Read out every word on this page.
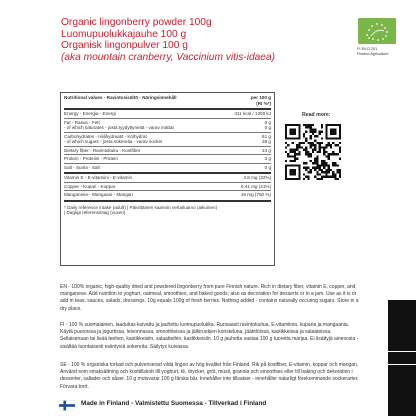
Organic lingonberry powder 100g
Luomupuolukkajauhe 100 g
Organisk lingonpulver 100 g
(aka mountain cranberry, Vaccinium vitis-idaea)
FI-EKO-201
Finland Agriculture
Nutritional values - Ravintosisältö - Näringsinnehåll	per 100 g
(RI %*)
Energy - Energia - Energi	311 kcal / 1300 kJ
Fat - Rasva - Fett	0 g
- of which saturates - josta tyydyttyneitä - varav mättat	0 g
Carbohydrates - Hiilihydraatit - Kolhydrat	61 g
- of which sugars - josta sokereita - varav socker	38 g
Dietary fiber - Ravintokuitu - Kostfiber	24 g
Protein - Proteiini - Protein	3 g
Salt - Suola - Salt	0 g
Vitamin E - E-vitamiini - E-vitamin	3.8 mg (32%)
Copper - Kupari - Koppar	0.41 mg (41%)
Manganese - Mangaani - Mangan	15 mg (750 %)
* Daily reference intake (adult) | Päivittäinen saannin vertailuarvo (aikuinen)
| Dagligt referensintag (vuxen)
Read more:
EN - 100% organic, high-quality dried and powdered lingonberry from pure Finnish nature. Rich in dietary fiber, vitamin E, copper, and manganese. Add nutrition to yoghurt, oatmeal, smoothies, and baked goods; also as decoration for desserts or in a jam. Use as it is or add in teas, sauces, salads, dressings. 10g equals 100g of fresh berries. Nothing added - contains naturally occuring sugars. Store in a dry place.
FI - 100 % suomalainen, laadukas kuivattu ja jauhettu luomupuolukka. Runsaasti ravintokuitua, E-vitamiinia, kuparia ja mangaania. Käytä puuroissa ja jogurtissa, leivonnassa, smoothieissa ja jälkiruokien koristeluna, jäätelöissä, kastikkeissa ja salaateissa. Sellaisenaan tai lisää teehen, kastikkeisiin, salaatteihin, kastikkeisiin. 10 g jauhetta vastaa 100 g tuoretta marjaa. Ei lisättyjä ainesosia - sisältää luontaisesti esiintyviä sokereita. Säilytys kuivassa.
SE - 100 % organiska torkad och pulveriserad vilda lingon av hög kvalitet från Finland. Rik på kostfiber, E-vitamin, koppar och mangan. Använd som smaksättning och kosttillskott till yoghurt, tē, drycker, gröt, müsli, granola och smoothies eller till baking och dekoration i desserter, sallader och såser. 10 g motsvarar 100 g färska bär. Innehåller inte tillsatser - innehåller naturligt förekommande sockerarter. Förvara torrt.
Made in Finland - Valmistettu Suomessa - Tillverkad i Finland
